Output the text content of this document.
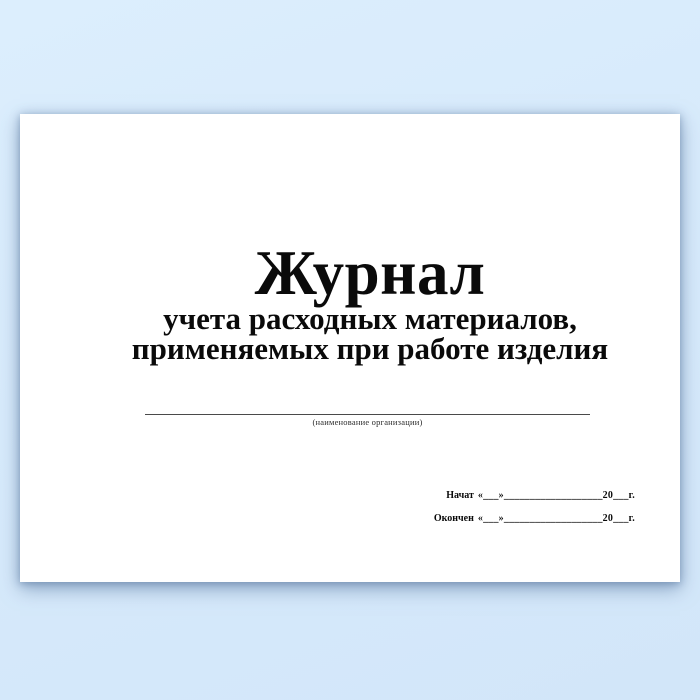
Журнал
учета расходных материалов,
применяемых при работе изделия
(наименование организации)
Начат «___»___________________20___г.
Окончен «___»___________________20___г.
